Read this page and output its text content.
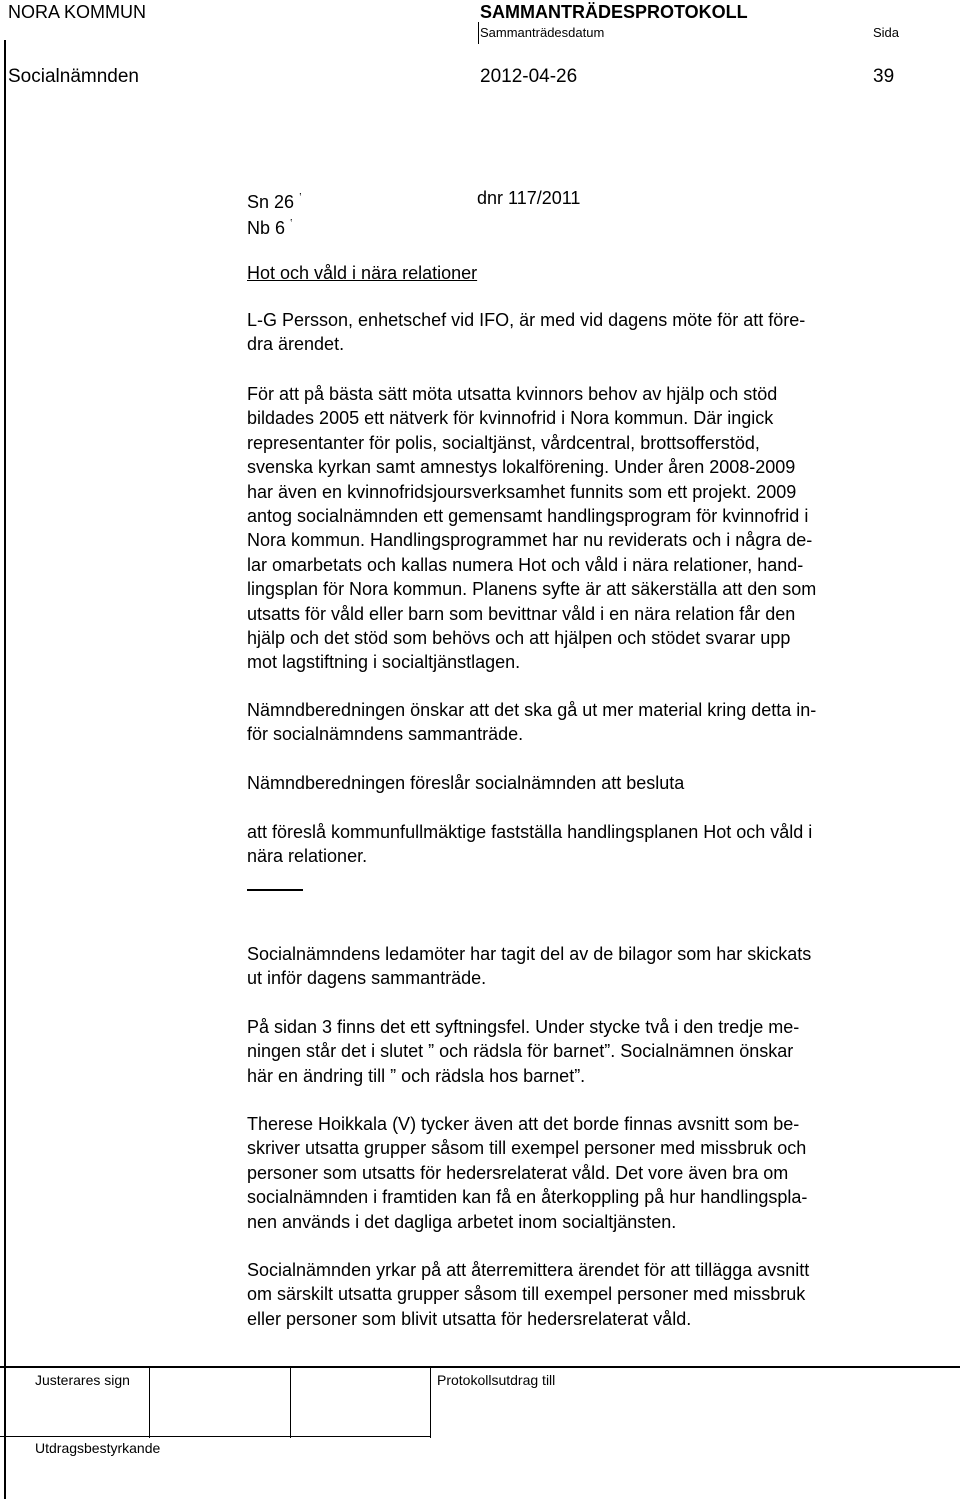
NORA KOMMUN	SAMMANTRÄDESPROTOKOLL
Sammanträdesdatum	Sida
Socialnämnden	2012-04-26	39
Sn 26 $^ʽ$
Nb 6 $^ʽ$
dnr 117/2011
Hot och våld i nära relationer
L-G Persson, enhetschef vid IFO, är med vid dagens möte för att före-
dra ärendet.
För att på bästa sätt möta utsatta kvinnors behov av hjälp och stöd
bildades 2005 ett nätverk för kvinnofrid i Nora kommun. Där ingick
representanter för polis, socialtjänst, vårdcentral, brottsofferstöd,
svenska kyrkan samt amnestys lokalförening. Under åren 2008-2009
har även en kvinnofridsjoursverksamhet funnits som ett projekt. 2009
antog socialnämnden ett gemensamt handlingsprogram för kvinnofrid i
Nora kommun. Handlingsprogrammet har nu reviderats och i några de-
lar omarbetats och kallas numera Hot och våld i nära relationer, hand-
lingsplan för Nora kommun. Planens syfte är att säkerställa att den som
utsatts för våld eller barn som bevittnar våld i en nära relation får den
hjälp och det stöd som behövs och att hjälpen och stödet svarar upp
mot lagstiftning i socialtjänstlagen.
Nämndberedningen önskar att det ska gå ut mer material kring detta in-
för socialnämndens sammanträde.
Nämndberedningen föreslår socialnämnden att besluta
att föreslå kommunfullmäktige fastställa handlingsplanen Hot och våld i
nära relationer.
Socialnämndens ledamöter har tagit del av de bilagor som har skickats
ut inför dagens sammanträde.
På sidan 3 finns det ett syftningsfel. Under stycke två i den tredje me-
ningen står det i slutet ” och rädsla för barnet”. Socialnämnen önskar
här en ändring till ” och rädsla hos barnet”.
Therese Hoikkala (V) tycker även att det borde finnas avsnitt som be-
skriver utsatta grupper såsom till exempel personer med missbruk och
personer som utsatts för hedersrelaterat våld. Det vore även bra om
socialnämnden i framtiden kan få en återkoppling på hur handlingspla-
nen används i det dagliga arbetet inom socialtjänsten.
Socialnämnden yrkar på att återremittera ärendet för att tillägga avsnitt
om särskilt utsatta grupper såsom till exempel personer med missbruk
eller personer som blivit utsatta för hedersrelaterat våld.
Justerares sign	Protokollsutdrag till
Utdragsbestyrkande
